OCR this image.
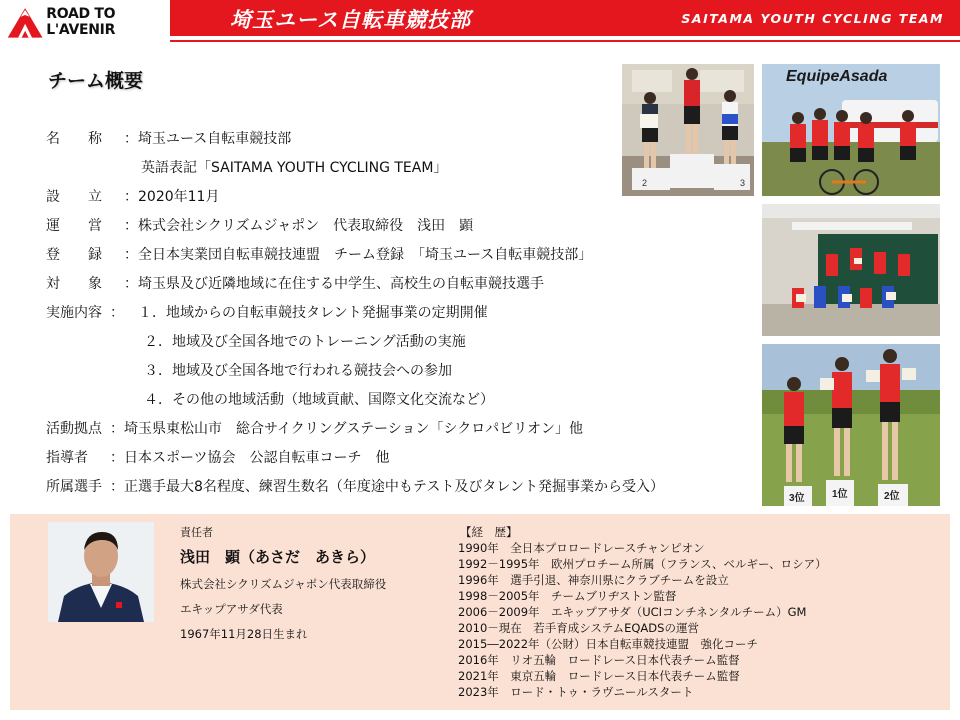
ROAD TO L'AVENIR	埼玉ユース自転車競技部	SAITAMA YOUTH CYCLING TEAM
チーム概要
名　　称	： 埼玉ユース自転車競技部
英語表記「SAITAMA YOUTH CYCLING TEAM」
設　　立	： 2020年11月
運　　営	： 株式会社シクリズムジャポン　代表取締役　浅田　顕
登　　録	： 全日本実業団自転車競技連盟　チーム登録　「埼玉ユース自転車競技部」
対　　象	： 埼玉県及び近隣地域に在住する中学生、高校生の自転車競技選手
実施内容 ： 　１．地域からの自転車競技タレント発掘事業の定期開催
２．地域及び全国各地でのトレーニング活動の実施
３．地域及び全国各地で行われる競技会への参加
４．その他の地域活動（地域貢献、国際文化交流など）
活動拠点 ： 埼玉県東松山市　総合サイクリングステーション「シクロパビリオン」他
指導者　 ： 日本スポーツ協会　公認自転車コーチ　他
所属選手 ： 正選手最大8名程度、練習生数名（年度途中もテスト及びタレント発掘事業から受入）
2	3
EquipeAsada
3位	1位	2位
責任者
浅田　顕（あさだ　あきら）
株式会社シクリズムジャポン代表取締役
エキップアサダ代表
1967年11月28日生まれ
【経　歴】
1990年　全日本プロロードレースチャンピオン
1992－1995年　欧州プロチーム所属（フランス、ベルギー、ロシア）
1996年　選手引退、神奈川県にクラブチームを設立
1998－2005年　チームブリヂストン監督
2006－2009年　エキップアサダ（UCIコンチネンタルチーム）GM
2010－現在　若手育成システムEQADSの運営
2015―2022年（公財）日本自転車競技連盟　強化コーチ
2016年　リオ五輪　ロードレース日本代表チーム監督
2021年　東京五輪　ロードレース日本代表チーム監督
2023年　ロード・トゥ・ラヴニールスタート
